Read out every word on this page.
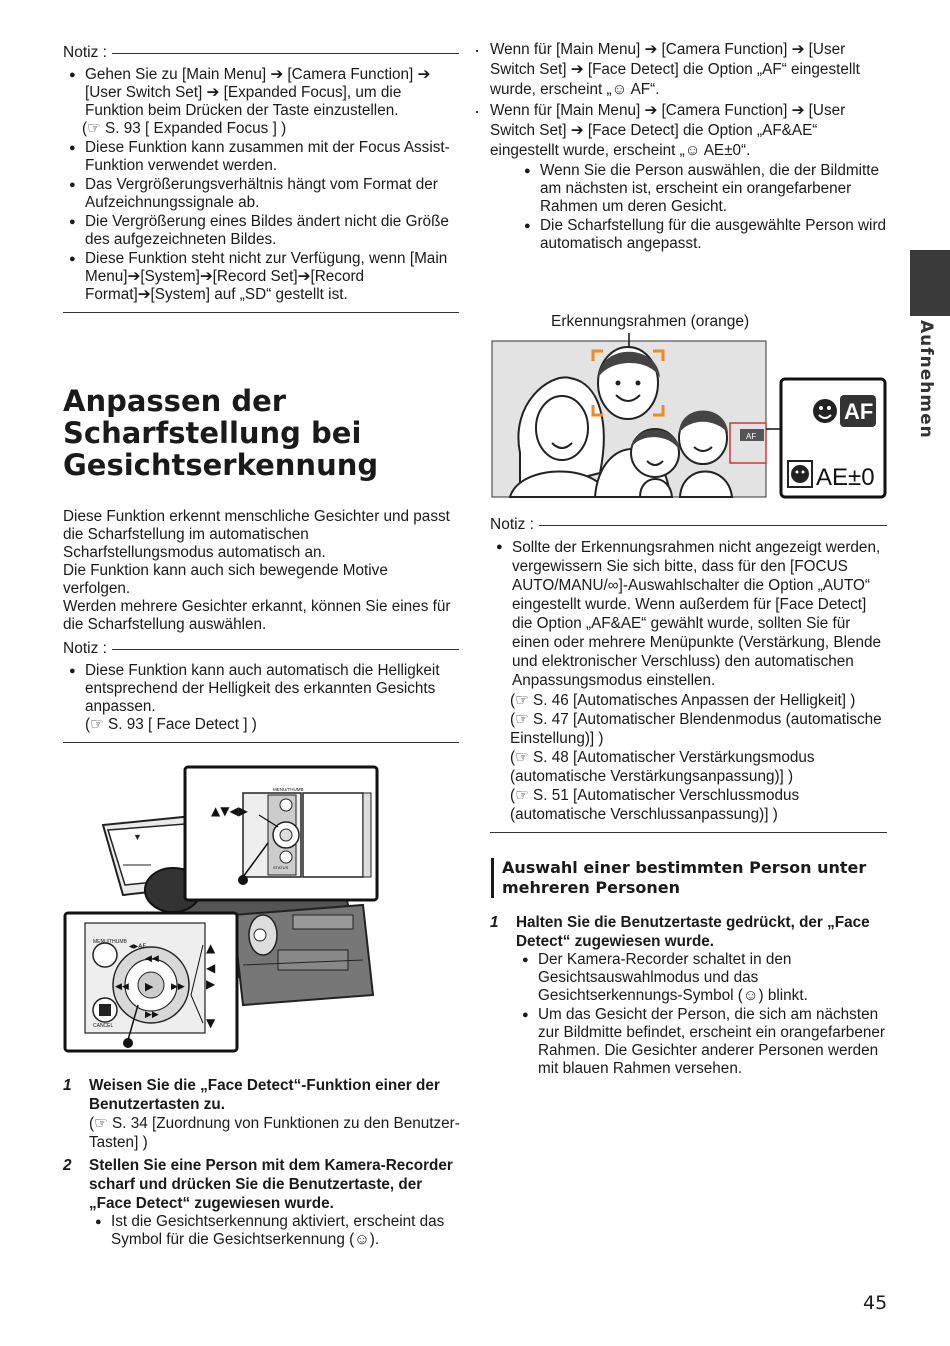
Aufnehmen
Notiz :
● Gehen Sie zu [Main Menu] ➔ [Camera Function] ➔ [User Switch Set] ➔ [Expanded Focus], um die Funktion beim Drücken der Taste einzustellen.
(☞ S. 93 [ Expanded Focus ] )
● Diese Funktion kann zusammen mit der Focus Assist-Funktion verwendet werden.
● Das Vergrößerungsverhältnis hängt vom Format der Aufzeichnungssignale ab.
● Die Vergrößerung eines Bildes ändert nicht die Größe des aufgezeichneten Bildes.
● Diese Funktion steht nicht zur Verfügung, wenn [Main Menu]➔[System]➔[Record Set]➔[Record Format]➔[System] auf „SD“ gestellt ist.
Anpassen der Scharfstellung bei Gesichtserkennung
Diese Funktion erkennt menschliche Gesichter und passt die Scharfstellung im automatischen Scharfstellungsmodus automatisch an.
Die Funktion kann auch sich bewegende Motive verfolgen.
Werden mehrere Gesichter erkannt, können Sie eines für die Scharfstellung auswählen.
Notiz :
● Diese Funktion kann auch automatisch die Helligkeit entsprechend der Helligkeit des erkannten Gesichts anpassen.
(☞ S. 93 [ Face Detect ] )
▼
▲▼◀▶
MENU/THUMB
STATUS
▶
◀◀
▶▶
◀◀	▶▶
MENU/THUMB
◀▶AE
CANCEL
▲
◀
▶
▼
1 Weisen Sie die „Face Detect“-Funktion einer der Benutzertasten zu.
(☞ S. 34 [Zuordnung von Funktionen zu den Benutzer-Tasten] )
2 Stellen Sie eine Person mit dem Kamera-Recorder scharf und drücken Sie die Benutzertaste, der „Face Detect“ zugewiesen wurde.
● Ist die Gesichtserkennung aktiviert, erscheint das Symbol für die Gesichtserkennung (☺).
· Wenn für [Main Menu] ➔ [Camera Function] ➔ [User Switch Set] ➔ [Face Detect] die Option „AF“ eingestellt wurde, erscheint „☺ AF“.
· Wenn für [Main Menu] ➔ [Camera Function] ➔ [User Switch Set] ➔ [Face Detect] die Option „AF&AE“ eingestellt wurde, erscheint „☺ AE±0“.
● Wenn Sie die Person auswählen, die der Bildmitte am nächsten ist, erscheint ein orangefarbener Rahmen um deren Gesicht.
● Die Scharfstellung für die ausgewählte Person wird automatisch angepasst.
Erkennungsrahmen (orange)
AF
AF
AE±0
Notiz :
● Sollte der Erkennungsrahmen nicht angezeigt werden, vergewissern Sie sich bitte, dass für den [FOCUS AUTO/MANU/∞]-Auswahlschalter die Option „AUTO“ eingestellt wurde. Wenn außerdem für [Face Detect] die Option „AF&AE“ gewählt wurde, sollten Sie für einen oder mehrere Menüpunkte (Verstärkung, Blende und elektronischer Verschluss) den automatischen Anpassungsmodus einstellen.
(☞ S. 46 [Automatisches Anpassen der Helligkeit] )
(☞ S. 47 [Automatischer Blendenmodus (automatische Einstellung)] )
(☞ S. 48 [Automatischer Verstärkungsmodus (automatische Verstärkungsanpassung)] )
(☞ S. 51 [Automatischer Verschlussmodus (automatische Verschlussanpassung)] )
Auswahl einer bestimmten Person unter mehreren Personen
1 Halten Sie die Benutzertaste gedrückt, der „Face Detect“ zugewiesen wurde.
● Der Kamera-Recorder schaltet in den Gesichtsauswahlmodus und das Gesichtserkennungs-Symbol (☺) blinkt.
● Um das Gesicht der Person, die sich am nächsten zur Bildmitte befindet, erscheint ein orangefarbener Rahmen. Die Gesichter anderer Personen werden mit blauen Rahmen versehen.
45
